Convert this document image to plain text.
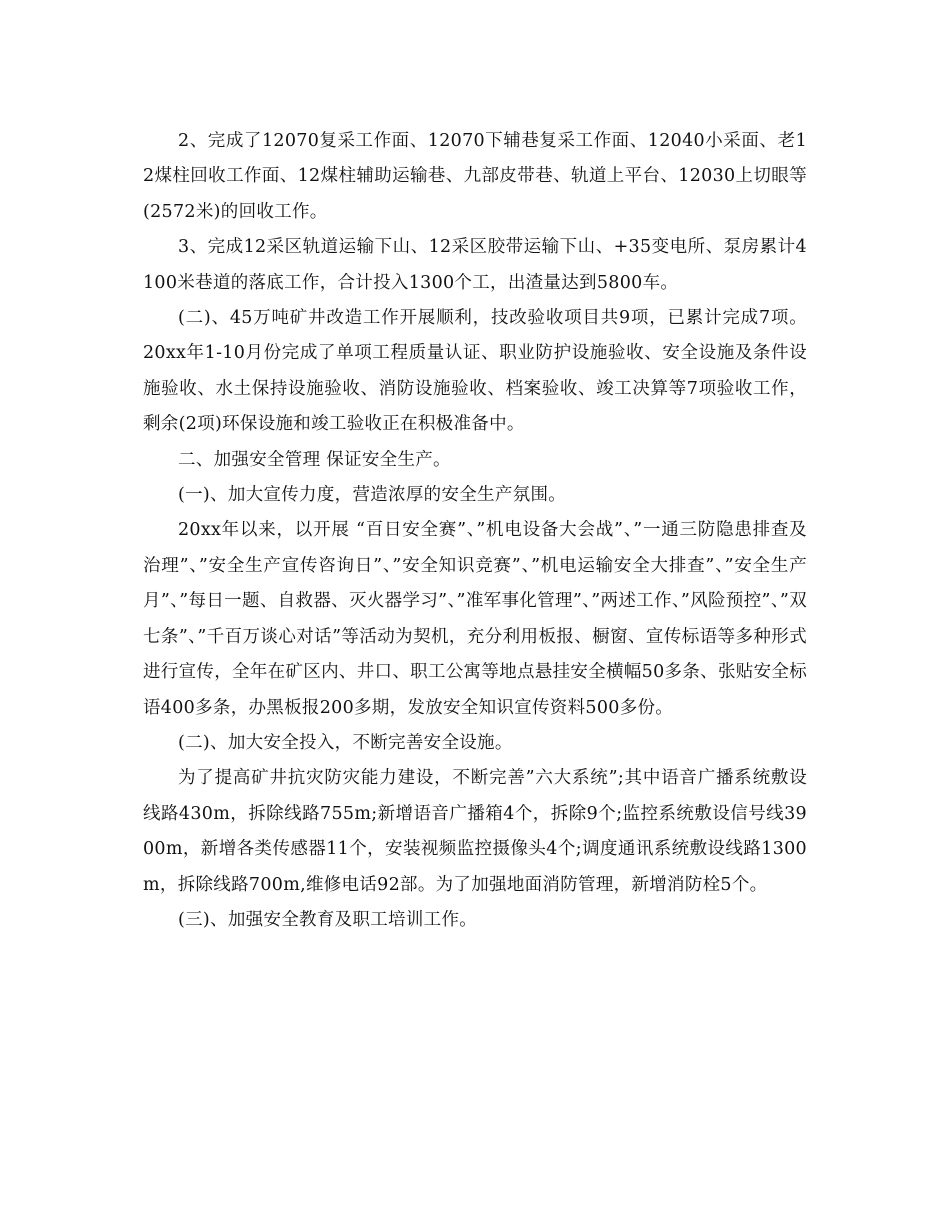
2、完成了12070复采工作面、12070下辅巷复采工作面、12040小采面、老12煤柱回收工作面、12煤柱辅助运输巷、九部皮带巷、轨道上平台、12030上切眼等(2572米)的回收工作。

3、完成12采区轨道运输下山、12采区胶带运输下山、+35变电所、泵房累计4100米巷道的落底工作，合计投入1300个工，出渣量达到5800车。

(二)、45万吨矿井改造工作开展顺利，技改验收项目共9项，已累计完成7项。 20xx年1-10月份完成了单项工程质量认证、职业防护设施验收、安全设施及条件设施验收、水土保持设施验收、消防设施验收、档案验收、竣工决算等7项验收工作，剩余(2项)环保设施和竣工验收正在积极准备中。

二、加强安全管理 保证安全生产。

(一)、加大宣传力度，营造浓厚的安全生产氛围。

20xx年以来，以开展 “百日安全赛”、”机电设备大会战”、”一通三防隐患排查及治理”、”安全生产宣传咨询日”、”安全知识竞赛”、”机电运输安全大排查”、”安全生产月”、”每日一题、自救器、灭火器学习”、”准军事化管理”、”两述工作、”风险预控”、”双七条”、”千百万谈心对话”等活动为契机，充分利用板报、橱窗、宣传标语等多种形式进行宣传，全年在矿区内、井口、职工公寓等地点悬挂安全横幅50多条、张贴安全标语400多条，办黑板报200多期，发放安全知识宣传资料500多份。

(二)、加大安全投入，不断完善安全设施。

为了提高矿井抗灾防灾能力建设，不断完善”六大系统”;其中语音广播系统敷设线路430m，拆除线路755m;新增语音广播箱4个，拆除9个;监控系统敷设信号线3900m，新增各类传感器11个，安装视频监控摄像头4个;调度通讯系统敷设线路1300m，拆除线路700m,维修电话92部。为了加强地面消防管理，新增消防栓5个。

(三)、加强安全教育及职工培训工作。
